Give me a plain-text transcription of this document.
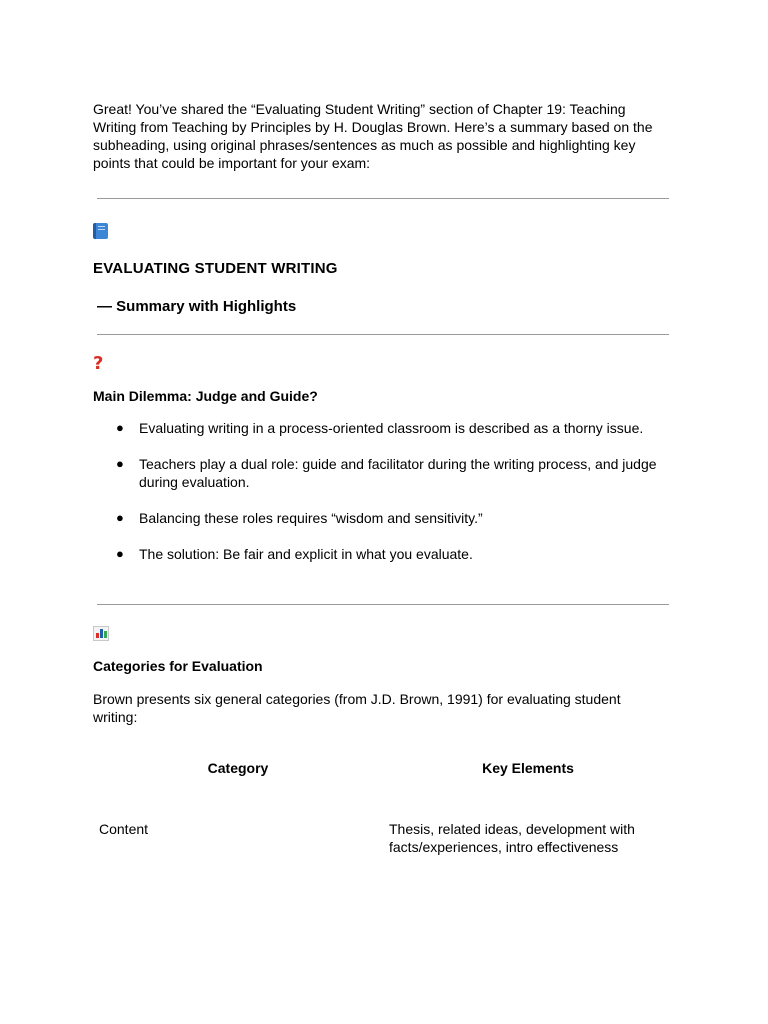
Great! You’ve shared the “Evaluating Student Writing” section of Chapter 19: Teaching Writing from Teaching by Principles by H. Douglas Brown. Here’s a summary based on the subheading, using original phrases/sentences as much as possible and highlighting key points that could be important for your exam:

EVALUATING STUDENT WRITING
— Summary with Highlights
?
Main Dilemma: Judge and Guide?
● Evaluating writing in a process-oriented classroom is described as a thorny issue.
● Teachers play a dual role: guide and facilitator during the writing process, and judge during evaluation.
● Balancing these roles requires “wisdom and sensitivity.”
● The solution: Be fair and explicit in what you evaluate.
Categories for Evaluation

Brown presents six general categories (from J.D. Brown, 1991) for evaluating student writing:

Category	Key Elements
Content	Thesis, related ideas, development with facts/experiences, intro effectiveness
